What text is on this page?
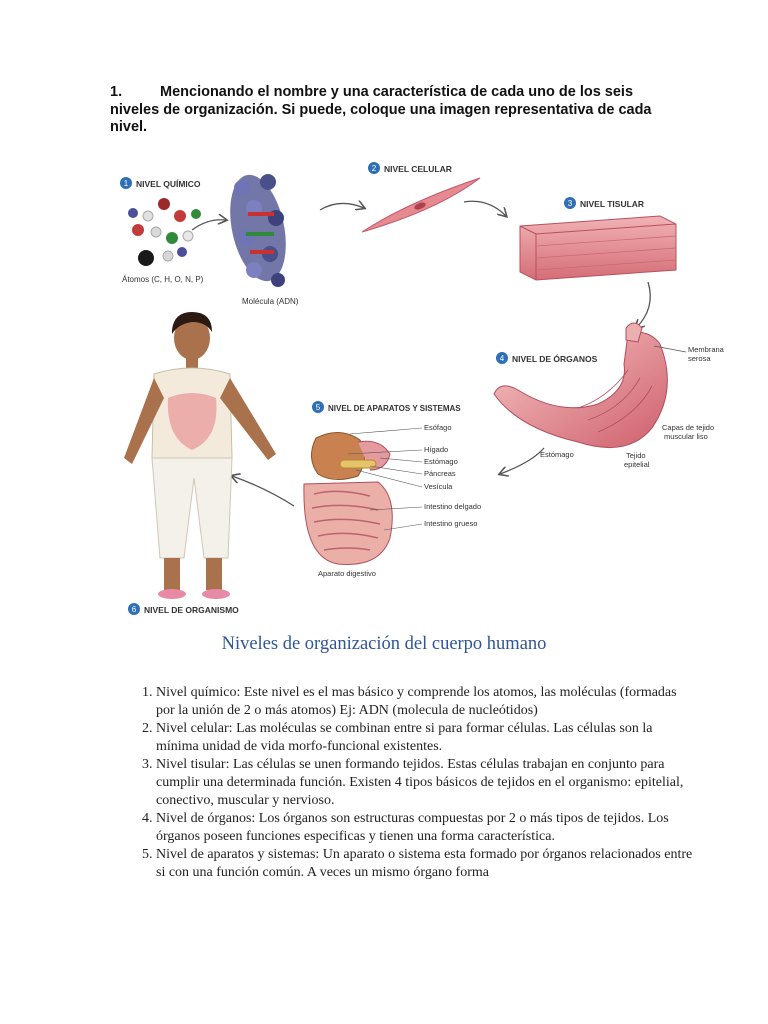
1.	Mencionando el nombre y una característica de cada uno de los seis niveles de organización. Si puede, coloque una imagen representativa de cada nivel.
1 NIVEL QUÍMICO
Átomos (C, H, O, N, P)
Molécula (ADN)
2 NIVEL CELULAR
3 NIVEL TISULAR
4 NIVEL DE ÓRGANOS
Membrana
serosa
Capas de tejido
muscular liso
Estómago	Tejido
epitelial
5 NIVEL DE APARATOS Y SISTEMAS
Esófago
Hígado
Estómago
Páncreas
Vesícula
Intestino delgado
Intestino grueso
Aparato digestivo
6 NIVEL DE ORGANISMO
Niveles de organización del cuerpo humano
1. Nivel químico: Este nivel es el mas básico y comprende los atomos, las moléculas (formadas por la unión de 2 o más atomos) Ej: ADN (molecula de nucleótidos)
2. Nivel celular: Las moléculas se combinan entre si para formar células. Las células son la mínima unidad de vida morfo-funcional existentes.
3. Nivel tisular: Las células se unen formando tejidos. Estas células trabajan en conjunto para cumplir una determinada función. Existen 4 tipos básicos de tejidos en el organismo: epitelial, conectivo, muscular y nervioso.
4. Nivel de órganos: Los órganos son estructuras compuestas por 2 o más tipos de tejidos. Los órganos poseen funciones especificas y tienen una forma característica.
5. Nivel de aparatos y sistemas: Un aparato o sistema esta formado por órganos relacionados entre si con una función común. A veces un mismo órgano forma
